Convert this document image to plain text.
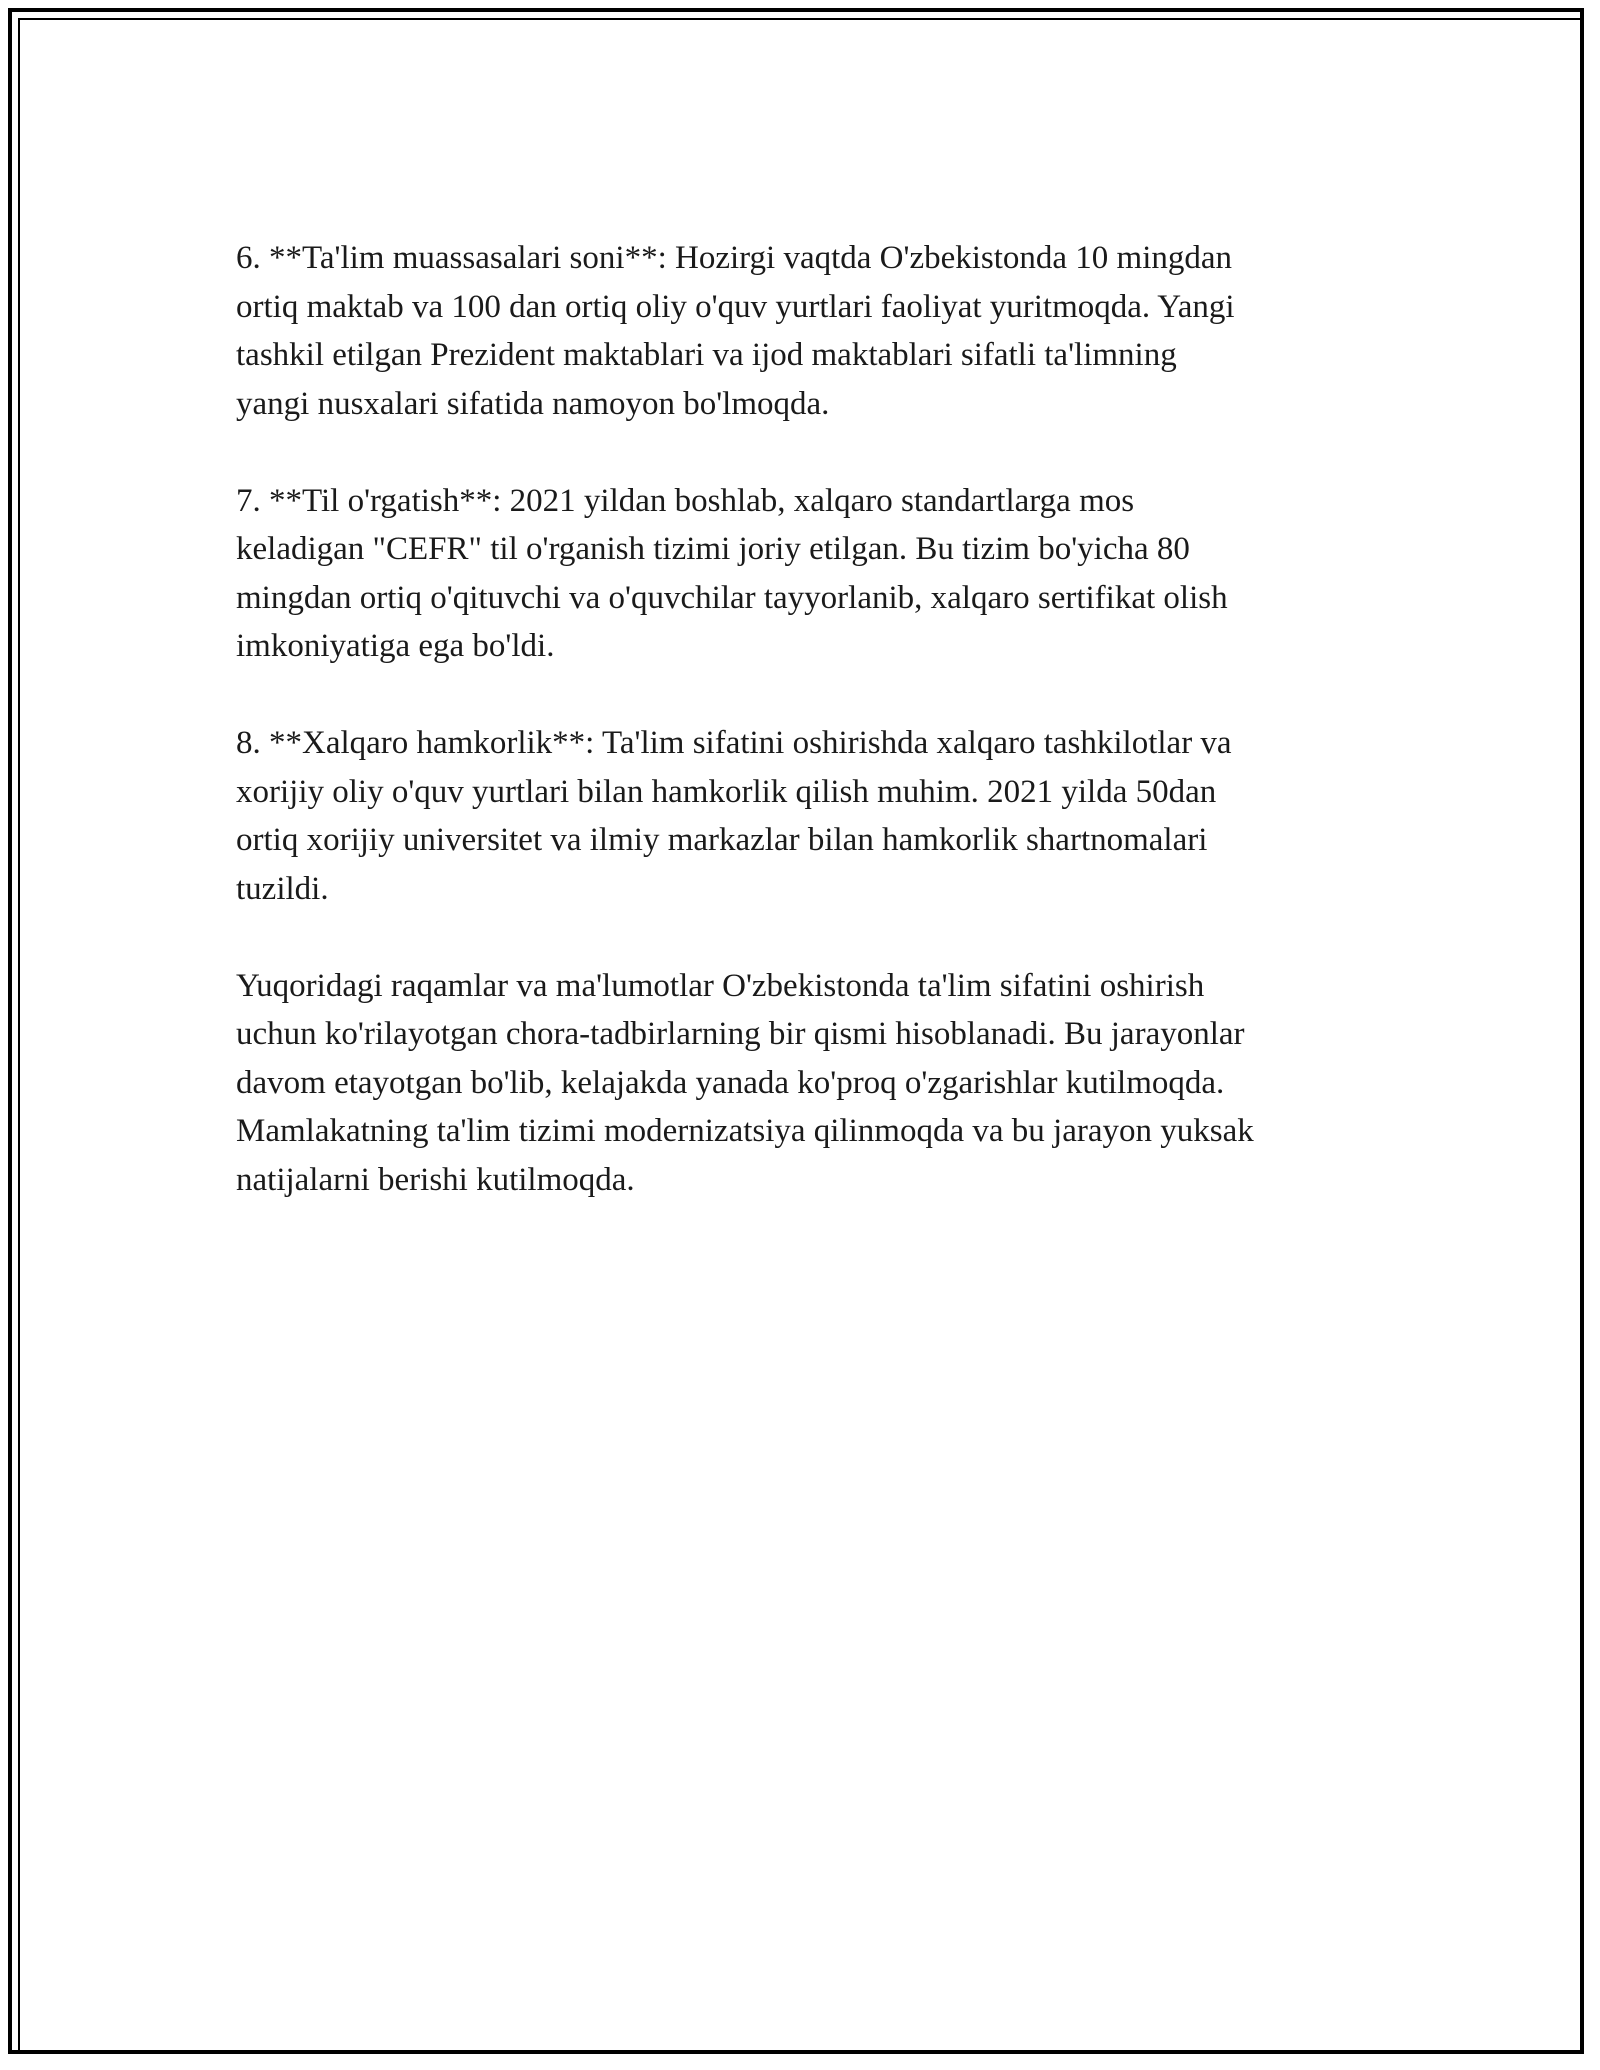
6. **Ta'lim muassasalari soni**: Hozirgi vaqtda O'zbekistonda 10 mingdan
ortiq maktab va 100 dan ortiq oliy o'quv yurtlari faoliyat yuritmoqda. Yangi
tashkil etilgan Prezident maktablari va ijod maktablari sifatli ta'limning
yangi nusxalari sifatida namoyon bo'lmoqda.

7. **Til o'rgatish**: 2021 yildan boshlab, xalqaro standartlarga mos
keladigan "CEFR" til o'rganish tizimi joriy etilgan. Bu tizim bo'yicha 80
mingdan ortiq o'qituvchi va o'quvchilar tayyorlanib, xalqaro sertifikat olish
imkoniyatiga ega bo'ldi.

8. **Xalqaro hamkorlik**: Ta'lim sifatini oshirishda xalqaro tashkilotlar va
xorijiy oliy o'quv yurtlari bilan hamkorlik qilish muhim. 2021 yilda 50dan
ortiq xorijiy universitet va ilmiy markazlar bilan hamkorlik shartnomalari
tuzildi.

Yuqoridagi raqamlar va ma'lumotlar O'zbekistonda ta'lim sifatini oshirish
uchun ko'rilayotgan chora-tadbirlarning bir qismi hisoblanadi. Bu jarayonlar
davom etayotgan bo'lib, kelajakda yanada ko'proq o'zgarishlar kutilmoqda.
Mamlakatning ta'lim tizimi modernizatsiya qilinmoqda va bu jarayon yuksak
natijalarni berishi kutilmoqda.
